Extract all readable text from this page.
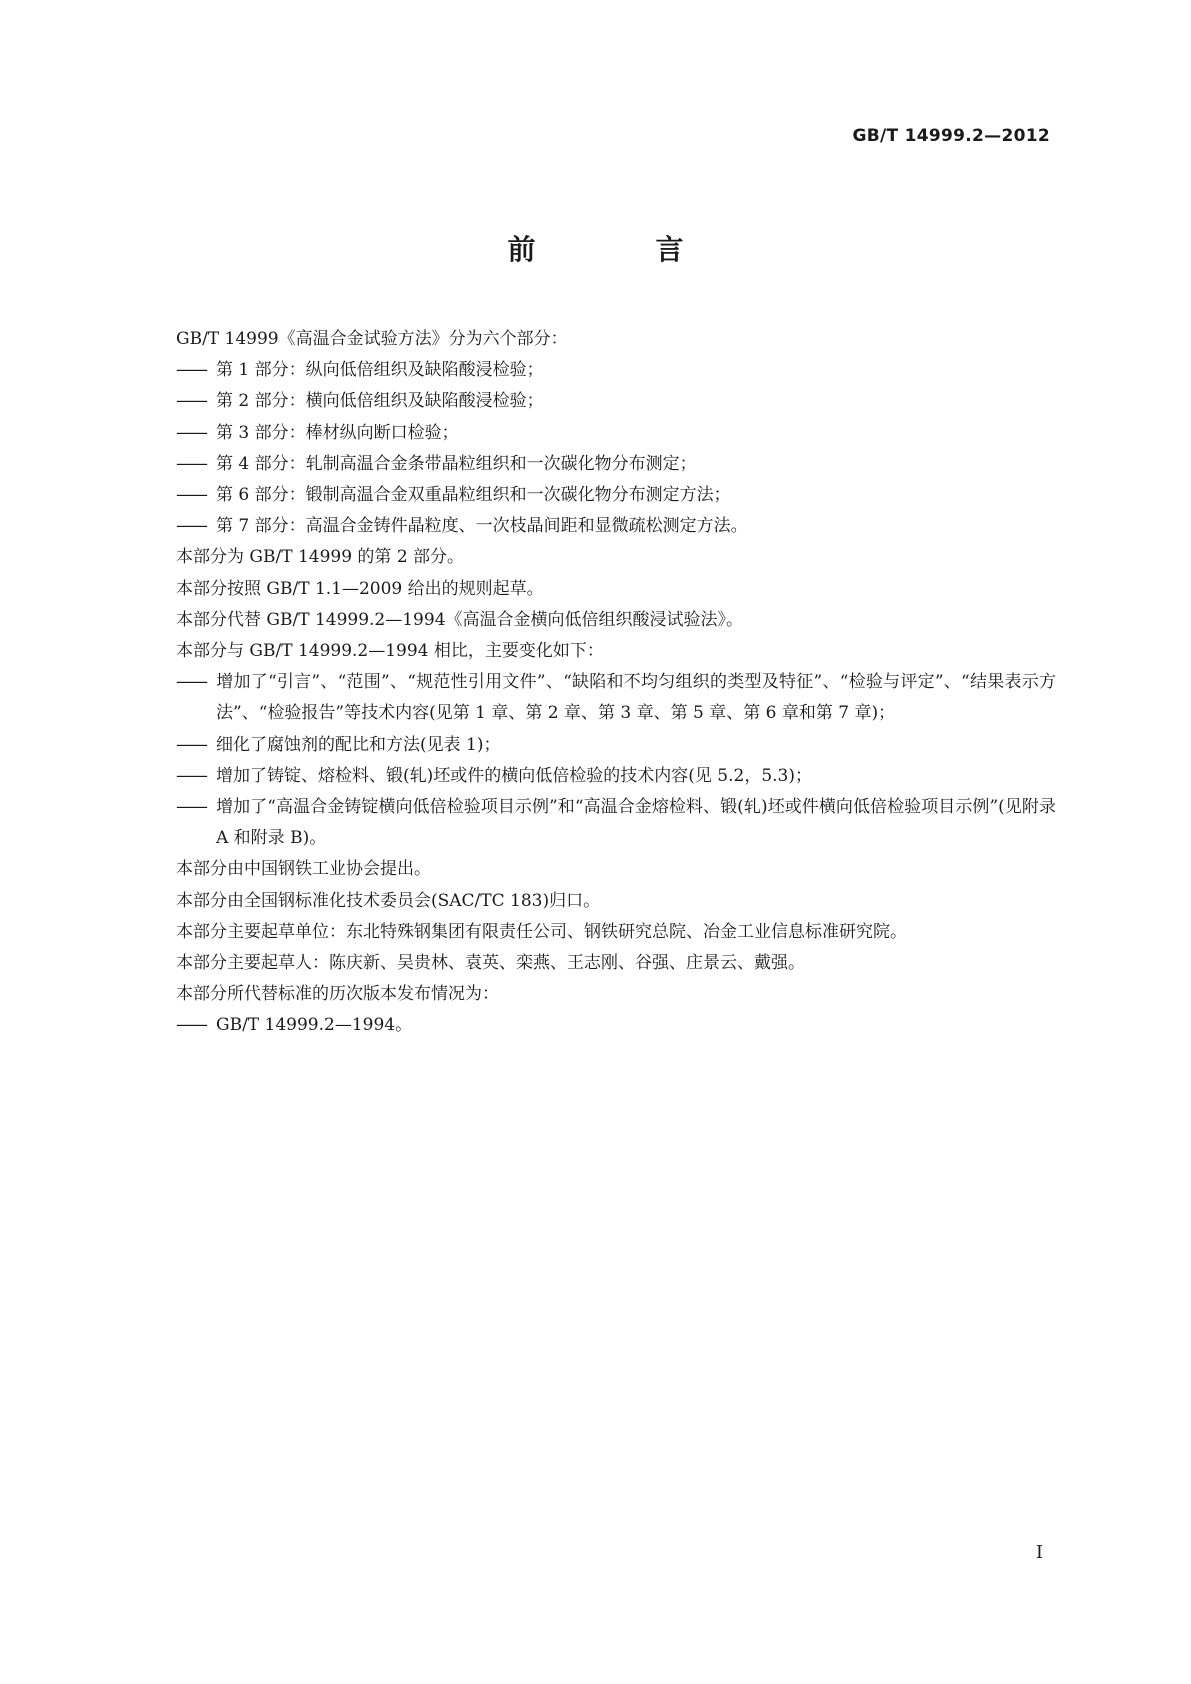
GB/T 14999.2—2012
前　言

GB/T 14999《高温合金试验方法》分为六个部分：

—— 第 1 部分：纵向低倍组织及缺陷酸浸检验；

—— 第 2 部分：横向低倍组织及缺陷酸浸检验；

—— 第 3 部分：棒材纵向断口检验；

—— 第 4 部分：轧制高温合金条带晶粒组织和一次碳化物分布测定；

—— 第 6 部分：锻制高温合金双重晶粒组织和一次碳化物分布测定方法；

—— 第 7 部分：高温合金铸件晶粒度、一次枝晶间距和显微疏松测定方法。

本部分为 GB/T 14999 的第 2 部分。

本部分按照 GB/T 1.1—2009 给出的规则起草。

本部分代替 GB/T 14999.2—1994《高温合金横向低倍组织酸浸试验法》。

本部分与 GB/T 14999.2—1994 相比，主要变化如下：

—— 增加了“引言”、“范围”、“规范性引用文件”、“缺陷和不均匀组织的类型及特征”、“检验与评定”、“结果表示方法”、“检验报告”等技术内容(见第 1 章、第 2 章、第 3 章、第 5 章、第 6 章和第 7 章)；

—— 细化了腐蚀剂的配比和方法(见表 1)；

—— 增加了铸锭、熔检料、锻(轧)坯或件的横向低倍检验的技术内容(见 5.2，5.3)；

—— 增加了“高温合金铸锭横向低倍检验项目示例”和“高温合金熔检料、锻(轧)坯或件横向低倍检验项目示例”(见附录 A 和附录 B)。

本部分由中国钢铁工业协会提出。

本部分由全国钢标准化技术委员会(SAC/TC 183)归口。

本部分主要起草单位：东北特殊钢集团有限责任公司、钢铁研究总院、冶金工业信息标准研究院。

本部分主要起草人：陈庆新、吴贵林、袁英、栾燕、王志刚、谷强、庄景云、戴强。

本部分所代替标准的历次版本发布情况为：

—— GB/T 14999.2—1994。

I
